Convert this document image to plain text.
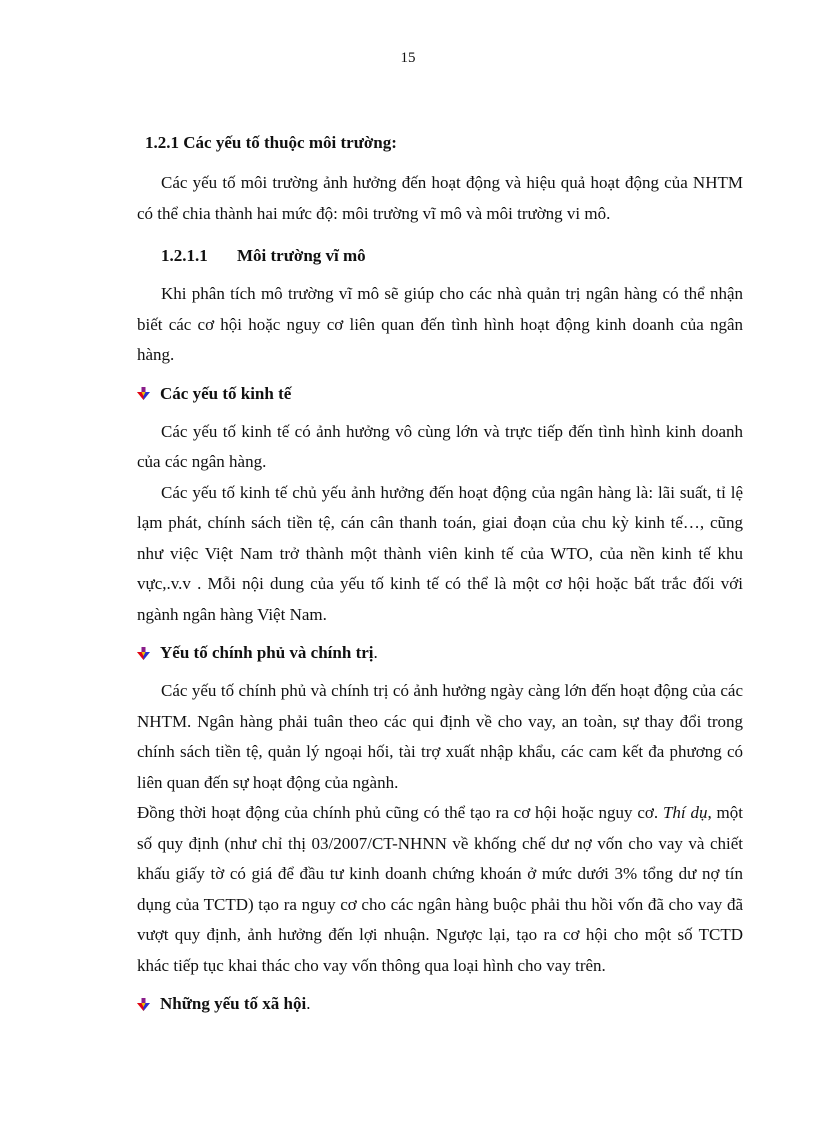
15
1.2.1 Các yếu tố thuộc môi trường:

Các yếu tố môi trường ảnh hưởng đến hoạt động và hiệu quả hoạt động của NHTM có thể chia thành hai mức độ: môi trường vĩ mô và môi trường vi mô.

1.2.1.1 Môi trường vĩ mô

Khi phân tích mô trường vĩ mô sẽ giúp cho các nhà quản trị ngân hàng có thể nhận biết các cơ hội hoặc nguy cơ liên quan đến tình hình hoạt động kinh doanh của ngân hàng.

Các yếu tố kinh tế

Các yếu tố kinh tế có ảnh hưởng vô cùng lớn và trực tiếp đến tình hình kinh doanh của các ngân hàng.

Các yếu tố kinh tế chủ yếu ảnh hưởng đến hoạt động của ngân hàng là: lãi suất, tỉ lệ lạm phát, chính sách tiền tệ, cán cân thanh toán, giai đoạn của chu kỳ kinh tế…, cũng như việc Việt Nam trở thành một thành viên kinh tế của WTO, của nền kinh tế khu vực,.v.v . Mỗi nội dung của yếu tố kinh tế có thể là một cơ hội hoặc bất trắc đối với ngành ngân hàng Việt Nam.

Yếu tố chính phủ và chính trị .

Các yếu tố chính phủ và chính trị có ảnh hưởng ngày càng lớn đến hoạt động của các NHTM. Ngân hàng phải tuân theo các qui định về cho vay, an toàn, sự thay đổi trong chính sách tiền tệ, quản lý ngoại hối, tài trợ xuất nhập khẩu, các cam kết đa phương có liên quan đến sự hoạt động của ngành.

Đồng thời hoạt động của chính phủ cũng có thể tạo ra cơ hội hoặc nguy cơ. Thí dụ, một số quy định (như chỉ thị 03/2007/CT-NHNN về khống chế dư nợ vốn cho vay và chiết khấu giấy tờ có giá để đầu tư kinh doanh chứng khoán ở mức dưới 3% tổng dư nợ tín dụng của TCTD) tạo ra nguy cơ cho các ngân hàng buộc phải thu hồi vốn đã cho vay đã vượt quy định, ảnh hưởng đến lợi nhuận. Ngược lại, tạo ra cơ hội cho một số TCTD khác tiếp tục khai thác cho vay vốn thông qua loại hình cho vay trên.

Những yếu tố xã hội .
